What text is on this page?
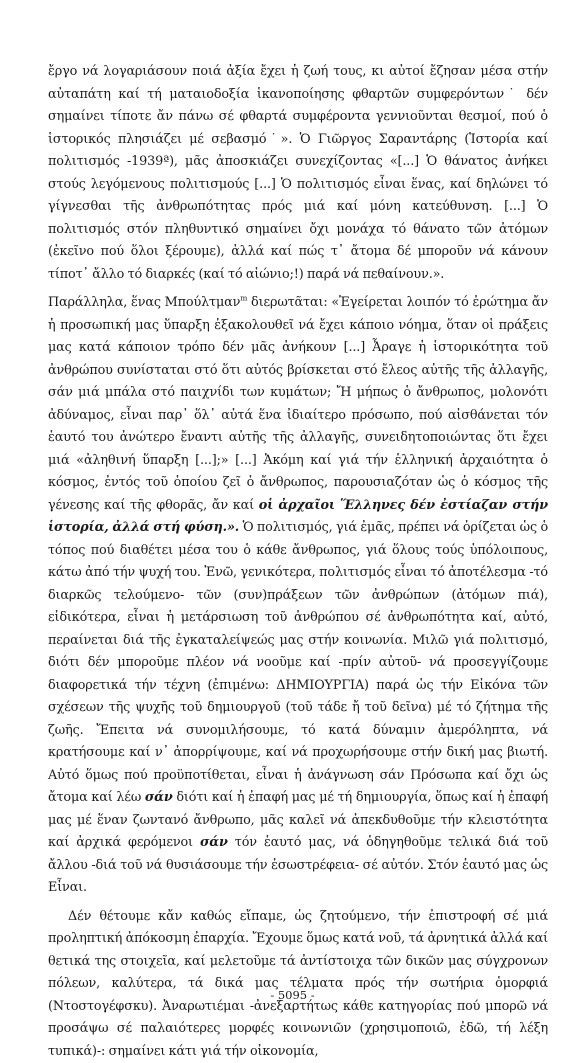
ἔργο νά λογαριάσουν ποιά ἀξία ἔχει ἡ ζωή τους, κι αὐτοί ἔζησαν μέσα στήν αὐταπάτη καί τή ματαιοδοξία ἱκανοποίησης φθαρτῶν συμφερόντων˙ δέν σημαίνει τίποτε ἄν πάνω σέ φθαρτά συμφέροντα γεννιοῦνται θεσμοί, πού ὁ ἱστορικός πλησιάζει μέ σεβασμό˙». Ὁ Γιῶργος Σαραντάρης (Ἱστορία καί πολιτισμός -1939ª), μᾶς ἀποσκιάζει συνεχίζοντας «[...] Ὁ θάνατος ἀνήκει στούς λεγόμενους πολιτισμούς [...] Ὁ πολιτισμός εἶναι ἕνας, καί δηλώνει τό γίγνεσθαι τῆς ἀνθρωπότητας πρός μιά καί μόνη κατεύθυνση. [...] Ὁ πολιτισμός στόν πληθυντικό σημαίνει ὄχι μονάχα τό θάνατο τῶν ἀτόμων (ἐκεῖνο πού ὅλοι ξέρουμε), ἀλλά καί πώς τ᾽ ἄτομα δέ μποροῦν νά κάνουν τίποτ᾽ ἄλλο τό διαρκές (καί τό αἰώνιο;!) παρά νά πεθαίνουν.».

Παράλληλα, ἕνας Μπούλτμαν$^m$ διερωτᾶται: «Ἐγείρεται λοιπόν τό ἐρώτημα ἄν ἡ προσωπική μας ὕπαρξη ἐξακολουθεῖ νά ἔχει κάποιο νόημα, ὅταν οἱ πράξεις μας κατά κάποιον τρόπο δέν μᾶς ἀνήκουν [...] Ἆραγε ἡ ἱστορικότητα τοῦ ἀνθρώπου συνίσταται στό ὅτι αὐτός βρίσκεται στό ἔλεος αὐτῆς τῆς ἀλλαγῆς, σάν μιά μπάλα στό παιχνίδι των κυμάτων; Ἤ μήπως ὁ ἄνθρωπος, μολονότι ἀδύναμος, εἶναι παρ᾽ ὅλ᾽ αὐτά ἕνα ἰδιαίτερο πρόσωπο, πού αἰσθάνεται τόν ἑαυτό του ἀνώτερο ἔναντι αὐτῆς τῆς ἀλλαγῆς, συνειδητοποιώντας ὅτι ἔχει μιά «ἀληθινή ὕπαρξη [...];» [...] Ἀκόμη καί γιά τήν ἑλληνική ἀρχαιότητα ὁ κόσμος, ἐντός τοῦ ὁποίου ζεῖ ὁ ἄνθρωπος, παρουσιαζόταν ὡς ὁ κόσμος τῆς γένεσης καί τῆς φθορᾶς, ἄν καί οἱ ἀρχαῖοι Ἕλληνες δέν ἐστίαζαν στήν ἱστορία, ἀλλά στή φύση.». Ὁ πολιτισμός, γιά ἐμᾶς, πρέπει νά ὁρίζεται ὡς ὁ τόπος πού διαθέτει μέσα του ὁ κάθε ἄνθρωπος, γιά ὅλους τούς ὑπόλοιπους, κάτω ἀπό τήν ψυχή του. Ἐνῶ, γενικότερα, πολιτισμός εἶναι τό ἀποτέλεσμα -τό διαρκῶς τελούμενο- τῶν (συν)πράξεων τῶν ἀνθρώπων (ἀτόμων πιά), εἰδικότερα, εἶναι ἡ μετάρσιωση τοῦ ἀνθρώπου σέ ἀνθρωπότητα καί, αὐτό, περαίνεται διά τῆς ἐγκαταλείψεώς μας στήν κοινωνία. Μιλῶ γιά πολιτισμό, διότι δέν μποροῦμε πλέον νά νοοῦμε καί -πρίν αὐτοῦ- νά προσεγγίζουμε διαφορετικά τήν τέχνη (ἐπιμένω: ΔΗΜΙΟΥΡΓΙΑ) παρά ὡς τήν Εἰκόνα τῶν σχέσεων τῆς ψυχῆς τοῦ δημιουργοῦ (τοῦ τάδε ἤ τοῦ δεῖνα) μέ τό ζήτημα τῆς ζωῆς. Ἔπειτα νά συνομιλήσουμε, τό κατά δύναμιν ἀμερόληπτα, νά κρατήσουμε καί ν᾽ ἀπορρίψουμε, καί νά προχωρήσουμε στήν δική μας βιωτή. Αὐτό ὅμως πού προϋποτίθεται, εἶναι ἡ ἀνάγνωση σάν Πρόσωπα καί ὄχι ὡς ἄτομα καί λέω σάν διότι καί ἡ ἐπαφή μας μέ τή δημιουργία, ὅπως καί ἡ ἐπαφή μας μέ ἕναν ζωντανό ἄνθρωπο, μᾶς καλεῖ νά ἀπεκδυθοῦμε τήν κλειστότητα καί ἀρχικά φερόμενοι σάν τόν ἑαυτό μας, νά ὁδηγηθοῦμε τελικά διά τοῦ ἄλλου -διά τοῦ νά θυσιάσουμε τήν ἐσωστρέφεια- σέ αὐτόν. Στόν ἑαυτό μας ὡς Εἶναι.

Δέν θέτουμε κἄν καθώς εἴπαμε, ὡς ζητούμενο, τήν ἐπιστροφή σέ μιά προληπτική ἀπόκοσμη ἐπαρχία. Ἔχουμε ὅμως κατά νοῦ, τά ἀρνητικά ἀλλά καί θετικά της στοιχεῖα, καί μελετοῦμε τά ἀντίστοιχα τῶν δικῶν μας σύγχρονων πόλεων, καλύτερα, τά δικά μας τέλματα πρός τήν σωτήρια ὁμορφιά (Ντοστογέφσκυ). Ἀναρωτιέμαι -ἀνεξαρτήτως κάθε κατηγορίας πού μπορῶ νά προσάψω σέ παλαιότερες μορφές κοινωνιῶν (χρησιμοποιῶ, ἐδῶ, τή λέξη τυπικά)-: σημαίνει κάτι γιά τήν οἰκονομία,

- 5095 -
